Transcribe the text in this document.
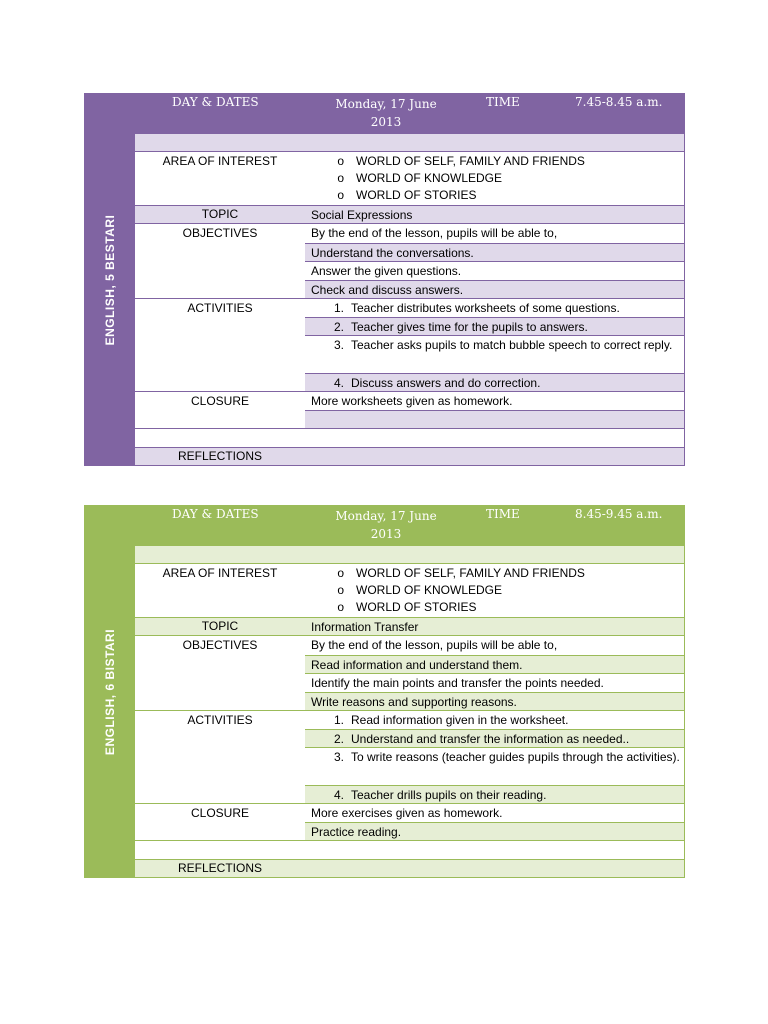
ENGLISH, 5 BESTARI
DAY & DATES	Monday, 17 June 2013
TIME	7.45-8.45 a.m.
AREA OF INTEREST	o	WORLD OF SELF, FAMILY AND FRIENDS
o	WORLD OF KNOWLEDGE
o	WORLD OF STORIES
TOPIC	Social Expressions
OBJECTIVES	By the end of the lesson, pupils will be able to,
Understand the conversations.
Answer the given questions.
Check and discuss answers.
ACTIVITIES	1. Teacher distributes worksheets of some questions.
2. Teacher gives time for the pupils to answers.
3. Teacher asks pupils to match bubble speech to correct reply.
4. Discuss answers and do correction.
CLOSURE	More worksheets given as homework.
REFLECTIONS
ENGLISH, 6 BISTARI
DAY & DATES	Monday, 17 June 2013
TIME	8.45-9.45 a.m.
AREA OF INTEREST	o	WORLD OF SELF, FAMILY AND FRIENDS
o	WORLD OF KNOWLEDGE
o	WORLD OF STORIES
TOPIC	Information Transfer
OBJECTIVES	By the end of the lesson, pupils will be able to,
Read information and understand them.
Identify the main points and transfer the points needed.
Write reasons and supporting reasons.
ACTIVITIES	1. Read information given in the worksheet.
2. Understand and transfer the information as needed..
3. To write reasons (teacher guides pupils through the activities).
4. Teacher drills pupils on their reading.
CLOSURE	More exercises given as homework.
Practice reading.
REFLECTIONS
